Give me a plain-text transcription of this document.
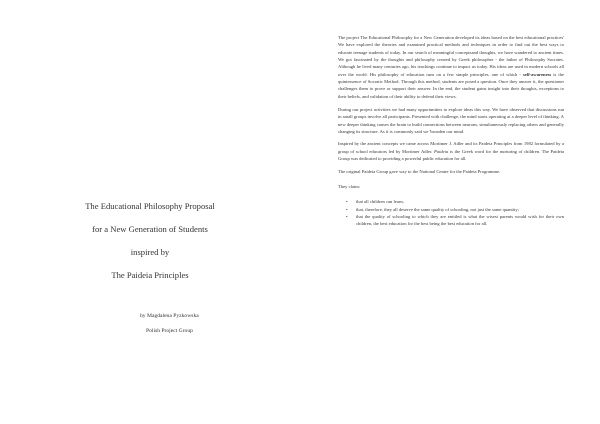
The Educational Philosophy Proposal
for a New Generation of Students
inspired by
The Paideia Principles
by Magdalena Pyzkowska
Polish Project Group

The project The Educational Philosophy for a New Generation developed its ideas based on the best educational practices' We have explored the theories and examined practical methods and techniques in order to find out the best ways to educate teenage students of today. In our search of meaningful conceptsand thoughts, we have wandered to ancient times. We got fascinated by the thoughts and philosophy created by Greek philosopher - the father of Philosophy Socrates. Although he lived many centuries ago, his teachings continue to impact us today. His ideas are used in modern schools all over the world. His philosophy of education runs on a few simple principles, one of which - self-awareness is the quintessence of Socratic Method. Through this method, students are posed a question. Once they answer it, the questioner challenges them to prove or support their answer. In the end, the student gains insight into their thoughts, exceptions to their beliefs, and validation of their ability to defend their views.

During our project activities we had many opportunities to explore ideas this way. We have observed that discussions run in small groups involve all participants. Presented with challenge, the mind starts operating at a deeper level of thinking. A new deeper thinking causes the brain to build connections between neurons, simultaneously replacing others and generally changing its structure. As it is commonly said we 'broaden our mind.

Inspired by the ancient concepts we came across Mortimer J. Adler and its Paideia Principles from 1982 formulated by a group of school educators led by Mortimer Adler. Paideia is the Greek word for the nurturing of children. The Paideia Group was dedicated to providing a powerful public education for all.

The original Paideia Group gave way to the National Centre for the Paideia Programme.

They claim:

• that all children can learn,
• that, therefore, they all deserve the same quality of schooling, not just the same quantity;
• that the quality of schooling to which they are entitled is what the wisest parents would wish for their own children, the best education for the best being the best education for all.
